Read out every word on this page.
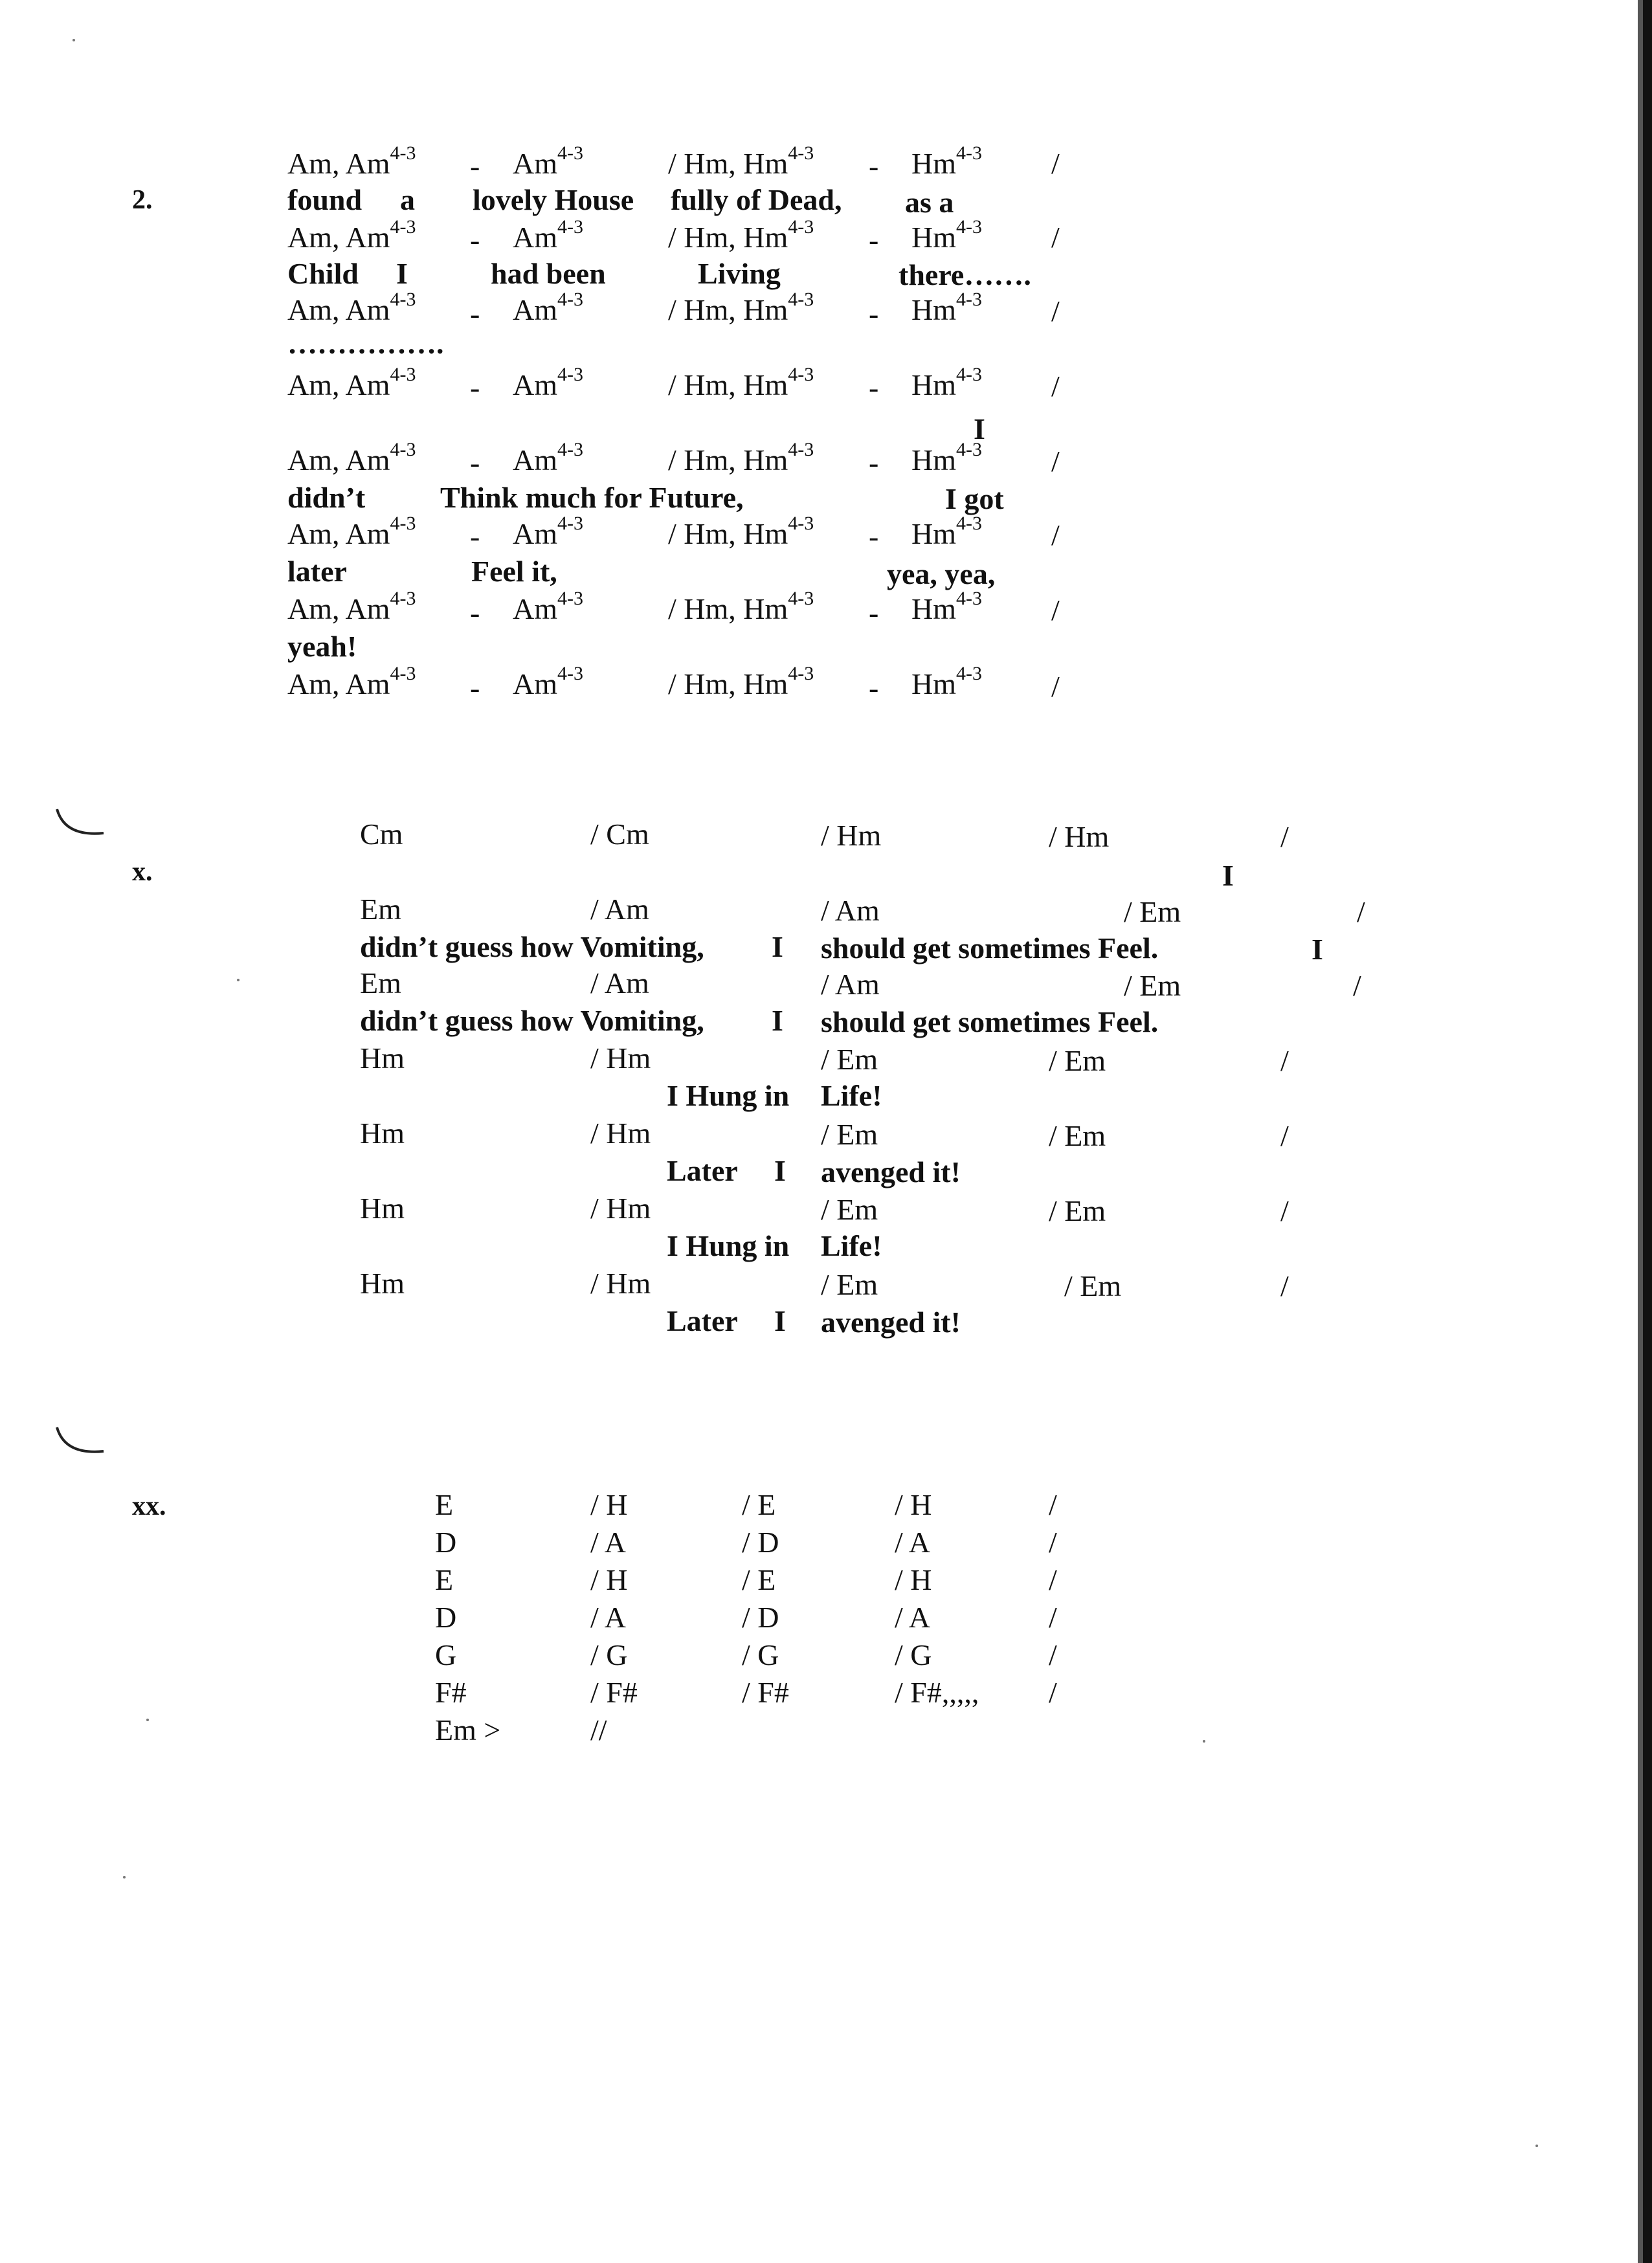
2.
Am, Am$^{4-3}$ - Am$^{4-3}$	/ Hm, Hm$^{4-3}$ - Hm$^{4-3}$ /
found a lovely House fully of Dead, as a
Am, Am$^{4-3}$ - Am$^{4-3}$	/ Hm, Hm$^{4-3}$ - Hm$^{4-3}$ /
Child I	had been	Living	there…….
Am, Am$^{4-3}$ - Am$^{4-3}$	/ Hm, Hm$^{4-3}$ - Hm$^{4-3}$ /
…………….
Am, Am$^{4-3}$ - Am$^{4-3}$	/ Hm, Hm$^{4-3}$ - Hm$^{4-3}$ /
I
Am, Am$^{4-3}$ - Am$^{4-3}$	/ Hm, Hm$^{4-3}$ - Hm$^{4-3}$ /
didn’t	Think much for Future,	I got
Am, Am$^{4-3}$ - Am$^{4-3}$	/ Hm, Hm$^{4-3}$ - Hm$^{4-3}$ /
later	Feel it,	yea, yea,
Am, Am$^{4-3}$ - Am$^{4-3}$	/ Hm, Hm$^{4-3}$ - Hm$^{4-3}$ /
yeah!
Am, Am$^{4-3}$ - Am$^{4-3}$	/ Hm, Hm$^{4-3}$ - Hm$^{4-3}$ /
x.
Cm	/ Cm	/ Hm	/ Hm	/
I
Em	/ Am	/ Am	/ Em	/
didn’t guess how Vomiting, I should get sometimes Feel.	I
Em	/ Am	/ Am	/ Em	/
didn’t guess how Vomiting, I should get sometimes Feel.
Hm	/ Hm	/ Em	/ Em	/
I Hung in Life!
Hm	/ Hm	/ Em	/ Em	/
Later I avenged it!
Hm	/ Hm	/ Em	/ Em	/
I Hung in Life!
Hm	/ Hm	/ Em	/ Em	/
Later I avenged it!
xx.	E	/ H	/ E	/ H	/
D	/ A	/ D	/ A	/
E	/ H	/ E	/ H	/
D	/ A	/ D	/ A	/
G	/ G	/ G	/ G	/
F#	/ F#	/ F#	/ F#,,,,, /
Em >	//
